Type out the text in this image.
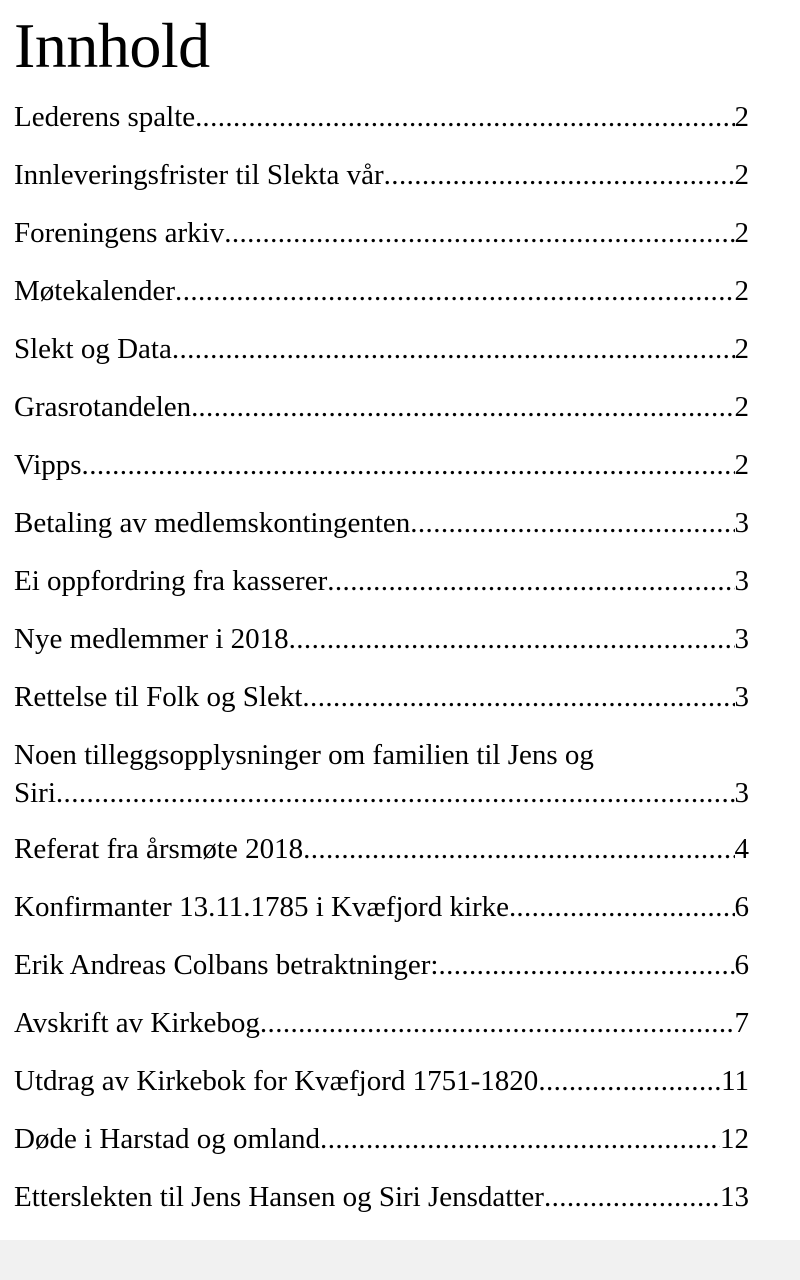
Innhold
Lederens spalte. .....	2
Innleveringsfrister til Slekta vår .....	2
Foreningens arkiv .....	2
Møtekalender .....	2
Slekt og Data .....	2
Grasrotandelen. .....	2
Vipps .....	2
Betaling av medlemskontingenten .....	3
Ei oppfordring fra kasserer .....	3
Nye medlemmer i 2018 .....	3
Rettelse til Folk og Slekt .....	3
Noen tilleggsopplysninger om familien til Jens og
Siri .....	3
Referat fra årsmøte 2018 .....	4
Konfirmanter 13.11.1785 i Kvæfjord kirke. .....	6
Erik Andreas Colbans betraktninger: .....	6
Avskrift av Kirkebog .....	7
Utdrag av Kirkebok for Kvæfjord 1751-1820 .....	11
Døde i Harstad og omland .....	12
Etterslekten til Jens Hansen og Siri Jensdatter .....	13
